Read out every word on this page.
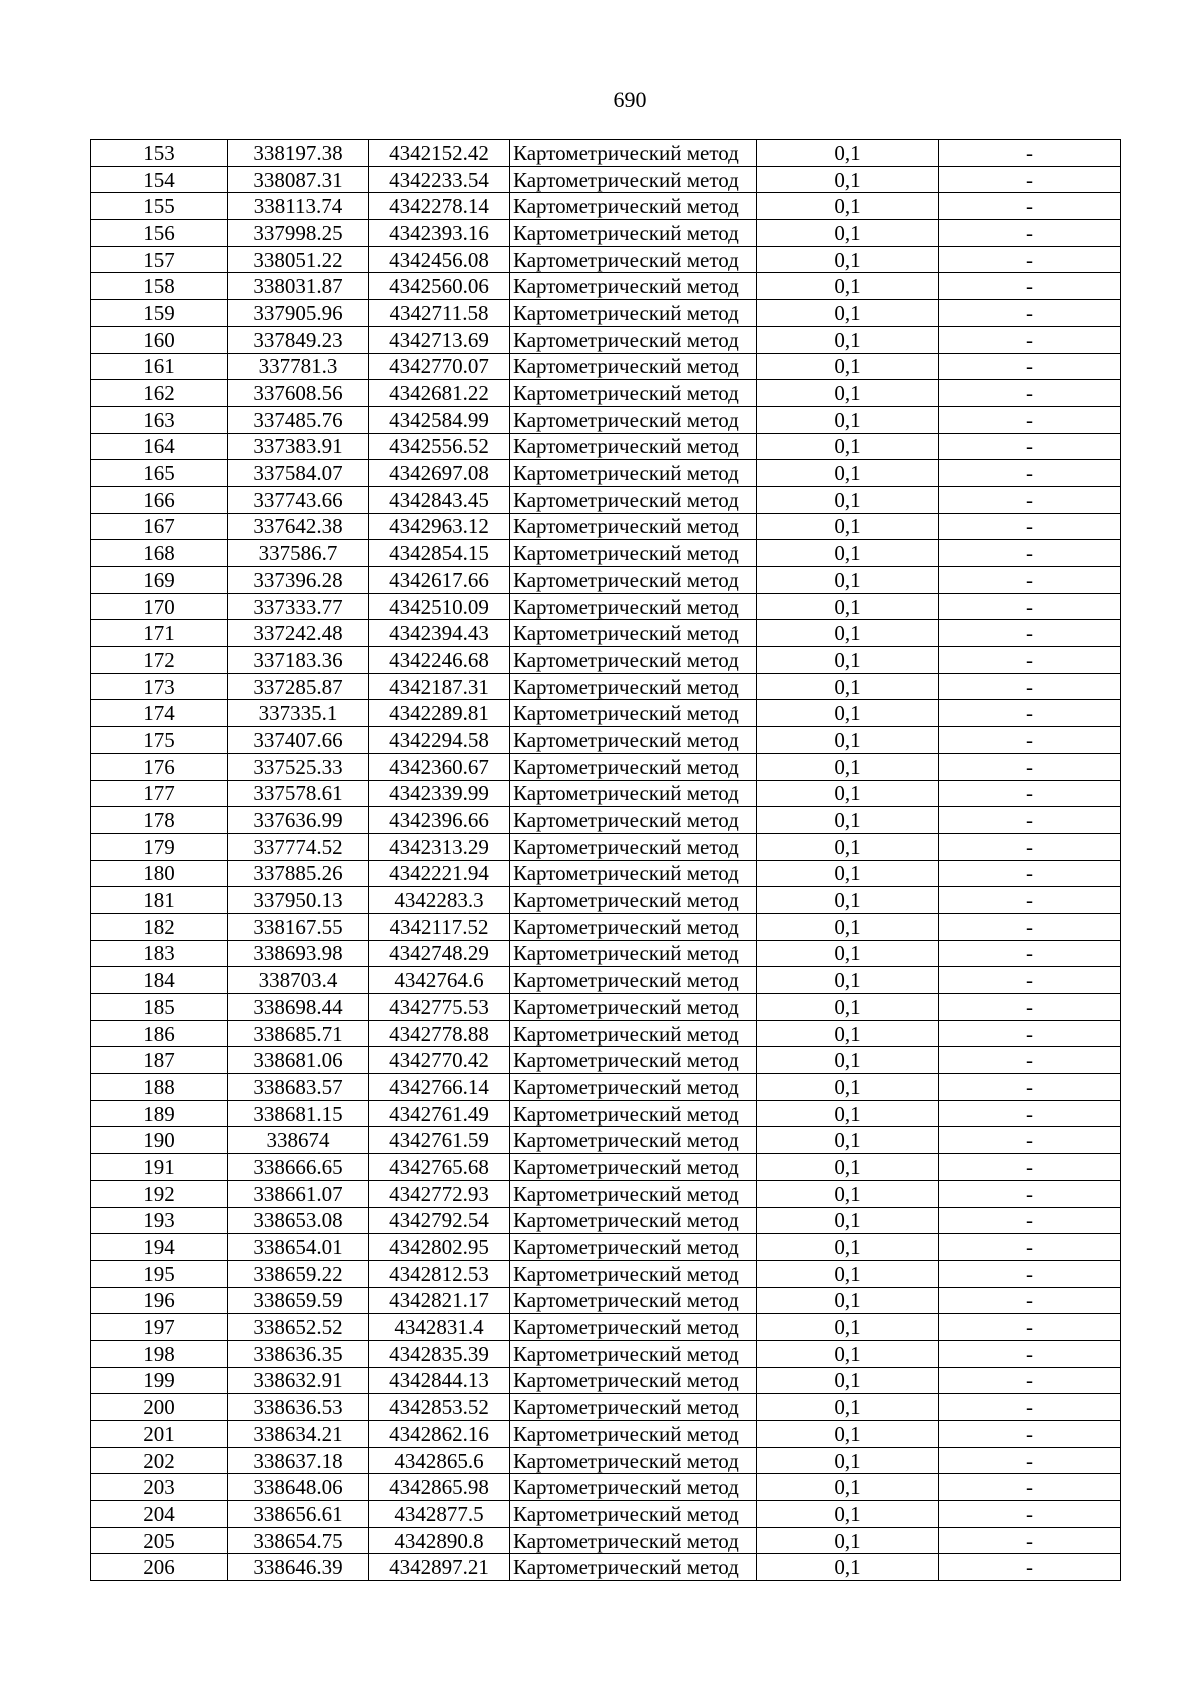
690
153	338197.38	4342152.42	Картометрический метод	0,1	-
154	338087.31	4342233.54	Картометрический метод	0,1	-
155	338113.74	4342278.14	Картометрический метод	0,1	-
156	337998.25	4342393.16	Картометрический метод	0,1	-
157	338051.22	4342456.08	Картометрический метод	0,1	-
158	338031.87	4342560.06	Картометрический метод	0,1	-
159	337905.96	4342711.58	Картометрический метод	0,1	-
160	337849.23	4342713.69	Картометрический метод	0,1	-
161	337781.3	4342770.07	Картометрический метод	0,1	-
162	337608.56	4342681.22	Картометрический метод	0,1	-
163	337485.76	4342584.99	Картометрический метод	0,1	-
164	337383.91	4342556.52	Картометрический метод	0,1	-
165	337584.07	4342697.08	Картометрический метод	0,1	-
166	337743.66	4342843.45	Картометрический метод	0,1	-
167	337642.38	4342963.12	Картометрический метод	0,1	-
168	337586.7	4342854.15	Картометрический метод	0,1	-
169	337396.28	4342617.66	Картометрический метод	0,1	-
170	337333.77	4342510.09	Картометрический метод	0,1	-
171	337242.48	4342394.43	Картометрический метод	0,1	-
172	337183.36	4342246.68	Картометрический метод	0,1	-
173	337285.87	4342187.31	Картометрический метод	0,1	-
174	337335.1	4342289.81	Картометрический метод	0,1	-
175	337407.66	4342294.58	Картометрический метод	0,1	-
176	337525.33	4342360.67	Картометрический метод	0,1	-
177	337578.61	4342339.99	Картометрический метод	0,1	-
178	337636.99	4342396.66	Картометрический метод	0,1	-
179	337774.52	4342313.29	Картометрический метод	0,1	-
180	337885.26	4342221.94	Картометрический метод	0,1	-
181	337950.13	4342283.3	Картометрический метод	0,1	-
182	338167.55	4342117.52	Картометрический метод	0,1	-
183	338693.98	4342748.29	Картометрический метод	0,1	-
184	338703.4	4342764.6	Картометрический метод	0,1	-
185	338698.44	4342775.53	Картометрический метод	0,1	-
186	338685.71	4342778.88	Картометрический метод	0,1	-
187	338681.06	4342770.42	Картометрический метод	0,1	-
188	338683.57	4342766.14	Картометрический метод	0,1	-
189	338681.15	4342761.49	Картометрический метод	0,1	-
190	338674	4342761.59	Картометрический метод	0,1	-
191	338666.65	4342765.68	Картометрический метод	0,1	-
192	338661.07	4342772.93	Картометрический метод	0,1	-
193	338653.08	4342792.54	Картометрический метод	0,1	-
194	338654.01	4342802.95	Картометрический метод	0,1	-
195	338659.22	4342812.53	Картометрический метод	0,1	-
196	338659.59	4342821.17	Картометрический метод	0,1	-
197	338652.52	4342831.4	Картометрический метод	0,1	-
198	338636.35	4342835.39	Картометрический метод	0,1	-
199	338632.91	4342844.13	Картометрический метод	0,1	-
200	338636.53	4342853.52	Картометрический метод	0,1	-
201	338634.21	4342862.16	Картометрический метод	0,1	-
202	338637.18	4342865.6	Картометрический метод	0,1	-
203	338648.06	4342865.98	Картометрический метод	0,1	-
204	338656.61	4342877.5	Картометрический метод	0,1	-
205	338654.75	4342890.8	Картометрический метод	0,1	-
206	338646.39	4342897.21	Картометрический метод	0,1	-
